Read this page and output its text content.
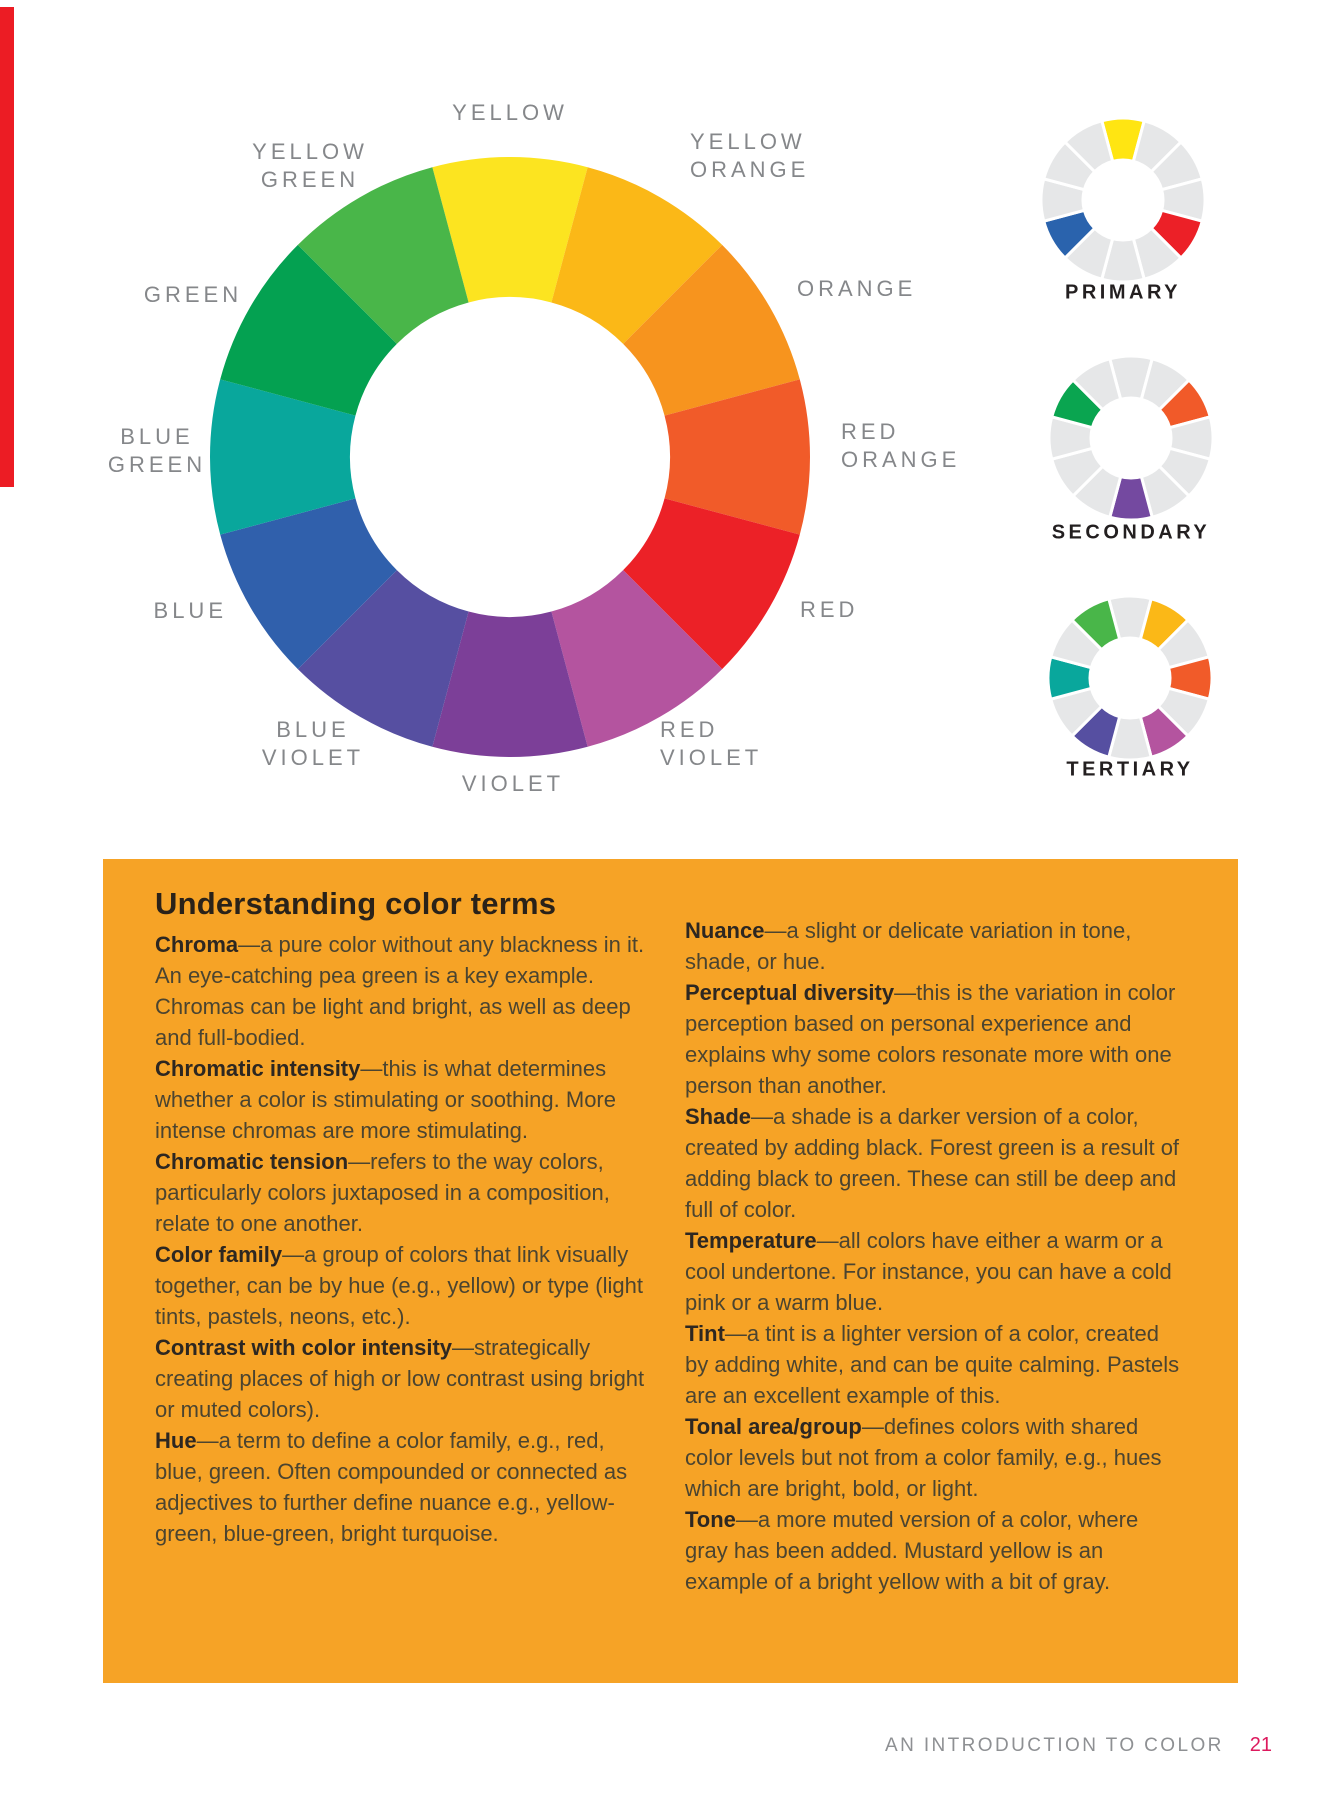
YELLOW
YELLOW
ORANGE
ORANGE
RED
ORANGE
RED
RED
VIOLET
VIOLET
BLUE
VIOLET
BLUE
BLUE
GREEN
GREEN
YELLOW
GREEN
PRIMARY
SECONDARY
TERTIARY
Understanding color terms

Chroma—a pure color without any blackness in it. An eye-catching pea green is a key example. Chromas can be light and bright, as well as deep and full-bodied.

Chromatic intensity—this is what determines whether a color is stimulating or soothing. More intense chromas are more stimulating.

Chromatic tension—refers to the way colors, particularly colors juxtaposed in a composition, relate to one another.

Color family—a group of colors that link visually together, can be by hue (e.g., yellow) or type (light tints, pastels, neons, etc.).

Contrast with color intensity—strategically creating places of high or low contrast using bright or muted colors).

Hue—a term to define a color family, e.g., red, blue, green. Often compounded or connected as adjectives to further define nuance e.g., yellow-green, blue-green, bright turquoise.

Nuance—a slight or delicate variation in tone, shade, or hue.

Perceptual diversity—this is the variation in color perception based on personal experience and explains why some colors resonate more with one person than another.

Shade—a shade is a darker version of a color, created by adding black. Forest green is a result of adding black to green. These can still be deep and full of color.

Temperature—all colors have either a warm or a cool undertone. For instance, you can have a cold pink or a warm blue.

Tint—a tint is a lighter version of a color, created by adding white, and can be quite calming. Pastels are an excellent example of this.

Tonal area/group—defines colors with shared color levels but not from a color family, e.g., hues which are bright, bold, or light.

Tone—a more muted version of a color, where gray has been added. Mustard yellow is an example of a bright yellow with a bit of gray.

AN INTRODUCTION TO COLOR 21
